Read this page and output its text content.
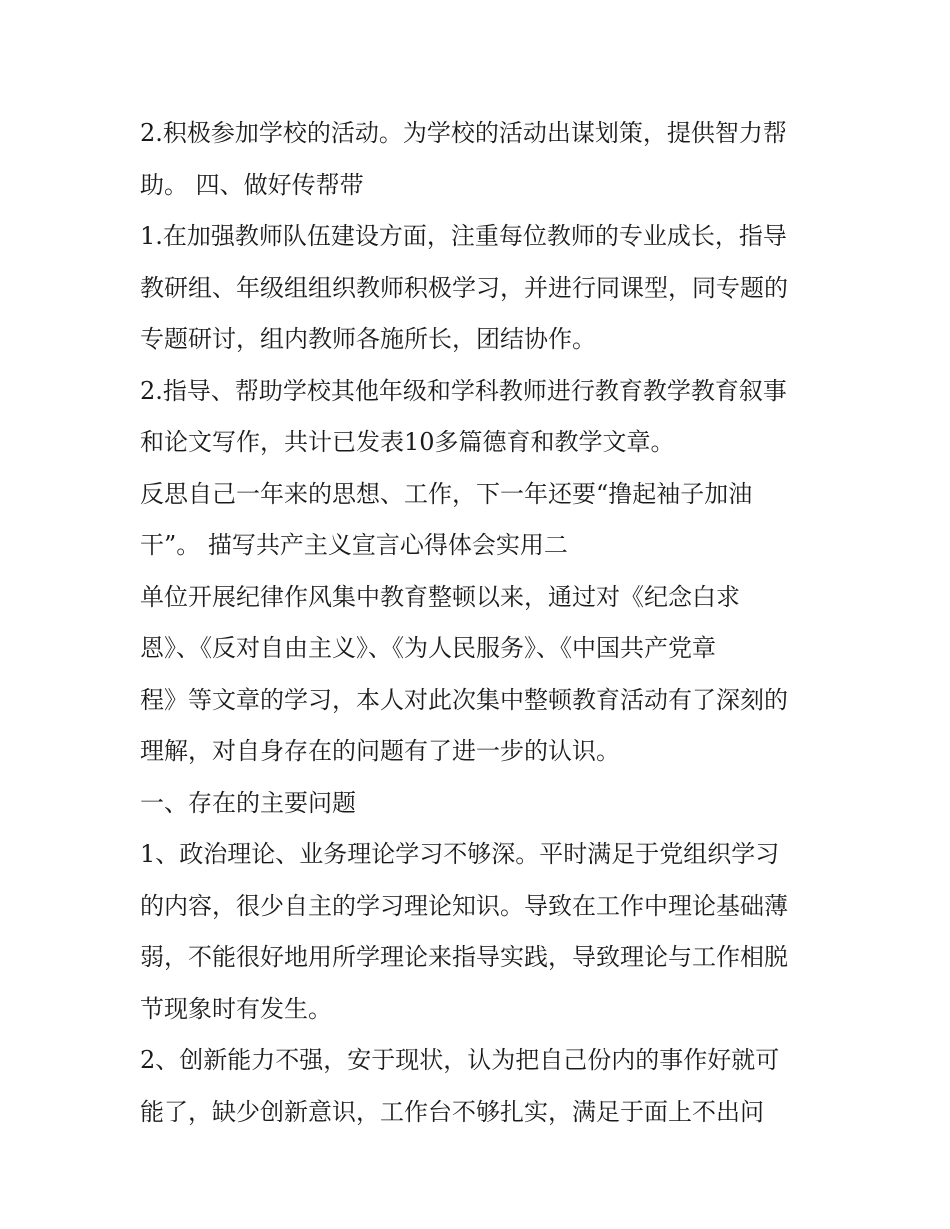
2.积极参加学校的活动。为学校的活动出谋划策，提供智力帮
助。 四、做好传帮带
1.在加强教师队伍建设方面，注重每位教师的专业成长，指导
教研组、年级组组织教师积极学习，并进行同课型，同专题的
专题研讨，组内教师各施所长，团结协作。
2.指导、帮助学校其他年级和学科教师进行教育教学教育叙事
和论文写作，共计已发表10多篇德育和教学文章。
反思自己一年来的思想、工作，下一年还要“撸起袖子加油
干”。 描写共产主义宣言心得体会实用二
单位开展纪律作风集中教育整顿以来，通过对《纪念白求
恩》、《反对自由主义》、《为人民服务》、《中国共产党章
程》等文章的学习，本人对此次集中整顿教育活动有了深刻的
理解，对自身存在的问题有了进一步的认识。
一、存在的主要问题
1、政治理论、业务理论学习不够深。平时满足于党组织学习
的内容，很少自主的学习理论知识。导致在工作中理论基础薄
弱，不能很好地用所学理论来指导实践，导致理论与工作相脱
节现象时有发生。
2、创新能力不强，安于现状，认为把自己份内的事作好就可
能了，缺少创新意识，工作台不够扎实，满足于面上不出问
